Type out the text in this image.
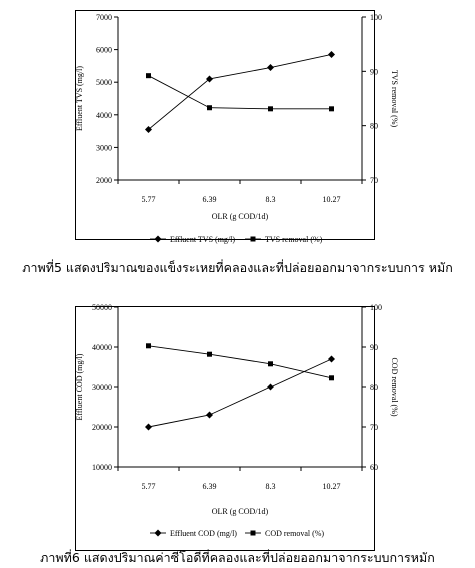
2000
3000
4000
5000
6000
7000
70
80
90
100
5.77	6.39	8.3	10.27
Effluent TVS (mg/l)	TVS removal (%)
OLR (g COD/1d)
Effluent TVS (mg/l)	TVS removal (%)
ภาพที่5 แสดงปริมาณของแข็งระเหยที่คลองและที่ปล่อยออกมาจากระบบการ หมัก
10000
20000
30000
40000
50000
60
70
80
90
100
5.77	6.39	8.3	10.27
Effluent COD (mg/l)	COD removal (%)
OLR (g COD/1d)
Effluent COD (mg/l)	COD removal (%)
ภาพที่6 แสดงปริมาณค่าซีโอดีที่คลองและที่ปล่อยออกมาจากระบบการหมัก
